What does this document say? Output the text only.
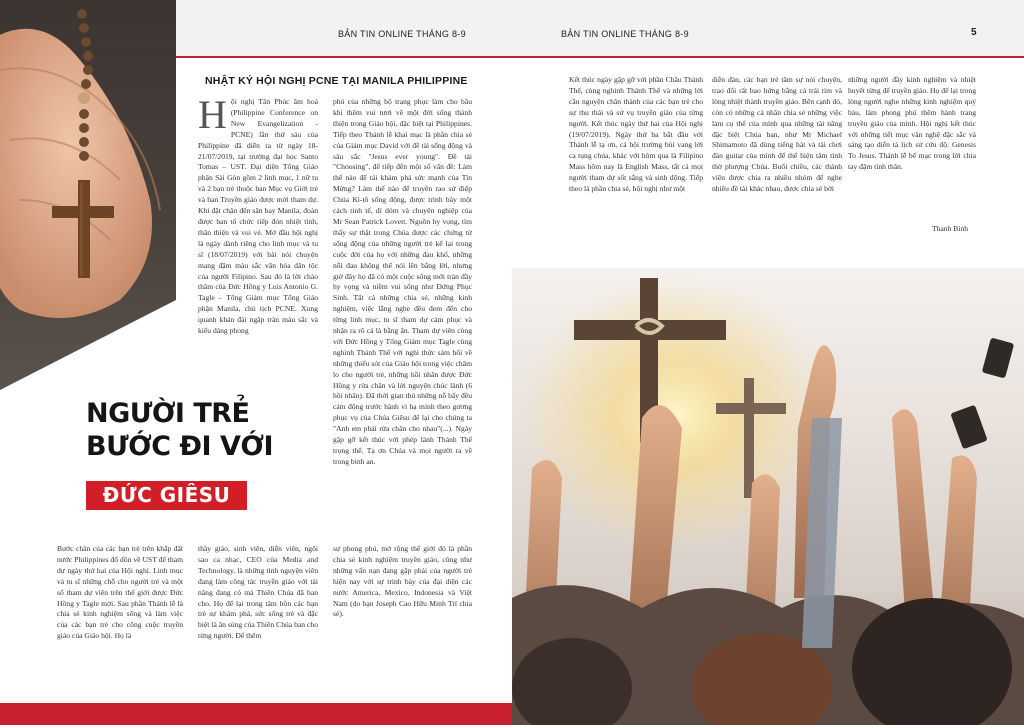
BẢN TIN ONLINE THÁNG 8-9
NHẬT KÝ HỘI NGHỊ PCNE TẠI MANILA PHILIPPINE
Hội nghị Tân Phúc âm hoá (Philippine Conference on New Evangelization - PCNE) lần thứ sáu của Philippine đã diễn ra từ ngày 18-21/07/2019, tại trường đại học Santo Tomas – UST. Đại diện Tổng Giáo phận Sài Gòn gồm 2 linh mục, 1 nữ tu và 2 bạn trẻ thuộc ban Mục vụ Giới trẻ và ban Truyền giáo được mời tham dự. Khi đặt chân đến sân bay Manila, đoàn được ban tổ chức tiếp đón nhiệt tình, thân thiện và vui vẻ. Mở đầu hội nghị là ngày dành riêng cho linh mục và tu sĩ (18/07/2019) với bài nói chuyện mang đậm màu sắc văn hóa dân tộc của người Filipino. Sau đó là lời chào thăm của Đức Hồng y Luis Antonio G. Tagle – Tổng Giám mục Tổng Giáo phận Manila, chủ tịch PCNE. Xung quanh khán đài ngập tràn màu sắc và kiểu dáng phong
phú của những bộ trang phục làm cho bầu khí thêm vui tươi về một đời sống thánh thiện trong Giáo hội, đặc biệt tại Philippines. Tiếp theo Thánh lễ khai mạc là phần chia sẻ của Giám mục David với đề tài sống động và sâu sắc "Jesus ever young". Đề tài "Choosing", để tiếp đến một số vấn đề: Làm thế nào để tái khám phá sức mạnh của Tin Mừng? Làm thế nào để truyền rao sứ điệp Chúa Ki-tô sống động, được trình bày một cách tinh tế, dí dỏm và chuyên nghiệp của Mr Sean Patrick Lovett. Nguồn hy vọng, tìm thấy sự thật trong Chúa được các chứng từ sống động của những người trẻ kể lại trong cuộc đời của họ với những đau khổ, những nỗi đau không thể nói lên bằng lời, nhưng giờ đây họ đã có một cuộc sống mới tràn đầy hy vọng và niềm vui sống như Đứng Phục Sinh. Tất cả những chia sẻ, những kinh nghiệm, việc lắng nghe đều đem đến cho từng linh mục, tu sĩ tham dự cảm phục và nhận ra rõ cả là bằng ân. Tham dự viên cùng với Đức Hồng y Tổng Giám mục Tagle cùng nghinh Thánh Thể với nghi thức sám hối về những thiếu sót của Giáo hội trong việc chăm lo cho người trẻ, những hồi nhân được Đức Hồng y rửa chân và lời nguyện chúc lành (6 hồi nhân). Đã thời gian thú những nỗ bấy đều cảm động trước hành vi hạ mình theo gương phục vụ của Chúa Giêsu để lại cho chúng ta "Anh em phải rửa chân cho nhau"(...). Ngày gặp gỡ kết thúc với phép lành Thánh Thể trọng thể. Tạ ơn Chúa và mọi người ra về trong bình an.
NGƯỜI TRẺ
BƯỚC ĐI VỚI
ĐỨC GIÊSU
Bước chân của các bạn trẻ trên khắp đất nước Philippines đổ dồn về UST để tham dự ngày thứ hai của Hội nghị. Linh mục và tu sĩ những chỗ cho người trẻ và một số tham dự viên trên thế giới được Đức Hồng y Tagle mời. Sau phần Thánh lễ là chia sẻ kinh nghiệm sống và làm việc của các bạn trẻ cho công cuộc truyền giáo của Giáo hội. Họ là
thầy giáo, sinh viên, diễn viên, ngôi sao ca nhạc, CEO của Media and Technology, là những tình nguyện viên đang làm công tác truyền giáo với tài năng đang có mà Thiên Chúa đã ban cho. Họ để lại trong tâm hồn các bạn trẻ sự khám phá, sức sống trẻ và đặc biệt là ân sủng của Thiên Chúa ban cho từng người. Để thêm
sự phong phú, mở rộng thế giới đó là phần chia sẻ kinh nghiệm truyền giáo, cũng như những vấn nạn đang gặp phải của người trẻ hiện nay với sự trình bày của đại diện các nước America, Mexico, Indonesia và Việt Nam (do bạn Joseph Cao Hữu Minh Trí chia sẻ).
BẢN TIN ONLINE THÁNG 8-9	5
Kết thúc ngày gặp gỡ với phần Chầu Thánh Thể, cùng nghinh Thánh Thể và những lời cầu nguyện chân thành của các bạn trẻ cho sự thu thái và sứ vụ truyền giáo của từng người. Kết thúc ngày thứ hai của Hội nghị (19/07/2019). Ngày thứ ba bắt đầu với Thánh lễ tạ ơn, cả hội trường bùi vang lời ca tụng chúa, khác với hôm qua là Filipino Mass hôm nay là English Mass, tất cả mọi người tham dự sốt sắng và sinh động. Tiếp theo là phần chia sẻ, hội nghị như một
diễn đàn, các bạn trẻ tâm sự nói chuyện, trao đổi rất bao hứng bằng cả trái tim và lòng nhiệt thành truyền giáo. Bên cạnh đó, còn có những cá nhân chia sẻ những việc làm cụ thể của mình qua những tài năng đặc biệt Chúa ban, như Mr Michael Shimamoto đã dùng tiếng hát và tài chơi đàn guitar của mình để thể hiện tâm tình thờ phượng Chúa. Buổi chiều, các thành viên được chia ra nhiều nhóm để nghe nhiều đề tài khác nhau, được chia sẻ bởi
những người đầy kinh nghiệm và nhiệt huyết từng để truyền giáo. Họ để lại trong lòng người nghe những kinh nghiệm quý báu, làm phong phú thêm hành trang truyền giáo của mình. Hội nghị kết thúc với những tiết mục văn nghệ đặc sắc và sáng tạo diễn tả lịch sử cứu độ: Genesis To Jesus. Thánh lễ bế mạc trong lời chia tay đậm tình thân.
Thanh Bình
